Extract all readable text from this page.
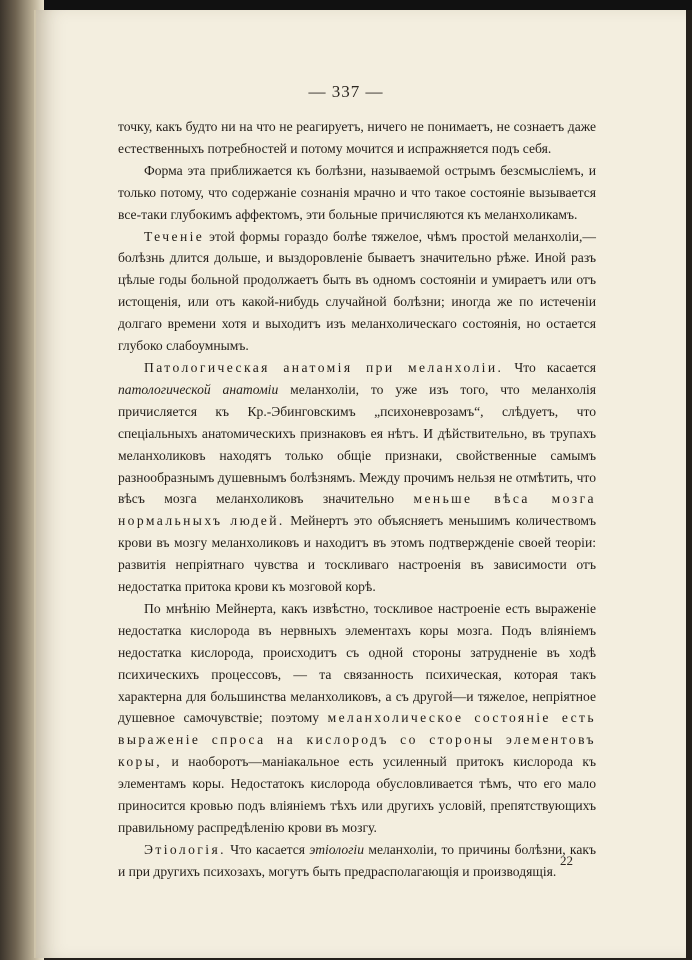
— 337 —

точку, какъ будто ни на что не реагируетъ, ничего не понимаетъ, не сознаетъ даже естественныхъ потребностей и потому мочится и испражняется подъ себя.

Форма эта приближается къ болѣзни, называемой острымъ безсмысліемъ, и только потому, что содержаніе сознанія мрачно и что такое состояніе вызывается все-таки глубокимъ аффектомъ, эти больные причисляются къ меланхоликамъ.

Теченіе этой формы гораздо болѣе тяжелое, чѣмъ простой меланхоліи,—болѣзнь длится дольше, и выздоровленіе бываетъ значительно рѣже. Иной разъ цѣлые годы больной продолжаетъ быть въ одномъ состояніи и умираетъ или отъ истощенія, или отъ какой-нибудь случайной болѣзни; иногда же по истеченіи долгаго времени хотя и выходитъ изъ меланхолическаго состоянія, но остается глубоко слабоумнымъ.

Патологическая анатомія при меланхоліи. Что касается патологической анатоміи меланхоліи, то уже изъ того, что меланхолія причисляется къ Кр.-Эбинговскимъ „психоневрозамъ“, слѣдуетъ, что спеціальныхъ анатомическихъ признаковъ ея нѣтъ. И дѣйствительно, въ трупахъ меланхоликовъ находятъ только общіе признаки, свойственные самымъ разнообразнымъ душевнымъ болѣзнямъ. Между прочимъ нельзя не отмѣтить, что вѣсъ мозга меланхоликовъ значительно меньше вѣса мозга нормальныхъ людей. Мейнертъ это объясняетъ меньшимъ количествомъ крови въ мозгу меланхоликовъ и находитъ въ этомъ подтвержденіе своей теоріи: развитія непріятнаго чувства и тоскливаго настроенія въ зависимости отъ недостатка притока крови къ мозговой корѣ.

По мнѣнію Мейнерта, какъ извѣстно, тоскливое настроеніе есть выраженіе недостатка кислорода въ нервныхъ элементахъ коры мозга. Подъ вліяніемъ недостатка кислорода, происходитъ съ одной стороны затрудненіе въ ходѣ психическихъ процессовъ, — та связанность психическая, которая такъ характерна для большинства меланхоликовъ, а съ другой—и тяжелое, непріятное душевное самочувствіе; поэтому меланхолическое состояніе есть выраженіе спроса на кислородъ со стороны элементовъ коры, и наоборотъ—маніакальное есть усиленный притокъ кислорода къ элементамъ коры. Недостатокъ кислорода обусловливается тѣмъ, что его мало приносится кровью подъ вліяніемъ тѣхъ или другихъ условій, препятствующихъ правильному распредѣленію крови въ мозгу.

Этіологія. Что касается этіологіи меланхоліи, то причины болѣзни, какъ и при другихъ психозахъ, могутъ быть предрасполагающія и производящія.

22
